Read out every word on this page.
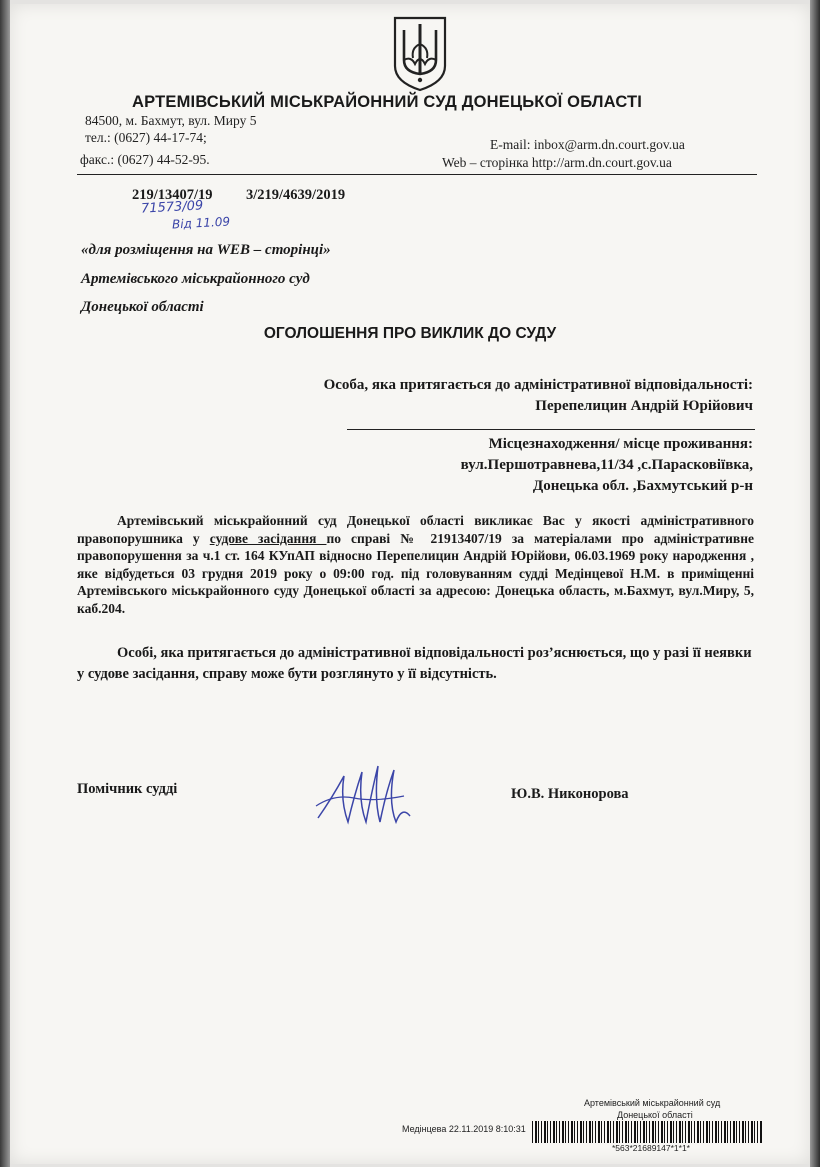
АРТЕМІВСЬКИЙ МІСЬКРАЙОННИЙ СУД ДОНЕЦЬКОЇ ОБЛАСТІ
84500, м. Бахмут, вул. Миру 5
тел.: (0627) 44-17-74;	E-mail: inbox@arm.dn.court.gov.ua
факс.: (0627) 44-52-95.	Web – сторінка http://arm.dn.court.gov.ua
219/13407/19 3/219/4639/2019
71573/09
Від 11.09
«для розміщення на WEB – сторінці»
Артемівського міськрайонного суд
Донецької області
ОГОЛОШЕННЯ ПРО ВИКЛИК ДО СУДУ
Особа, яка притягається до адміністративної відповідальності:
Перепелицин Андрій Юрійович
Місцезнаходження/ місце проживання:
вул.Першотравнева,11/34 ,с.Парасковіївка,
Донецька обл. ,Бахмутський р-н
Артемівський міськрайонний суд Донецької області викликає Вас у якості адміністративного правопорушника у судове засідання по справі № 21913407/19 за матеріалами про адміністративне правопорушення за ч.1 ст. 164 КУпАП відносно Перепелицин Андрій Юрійови, 06.03.1969 року народження , яке відбудеться 03 грудня 2019 року о 09:00 год. під головуванням судді Медінцевої Н.М. в приміщенні Артемівського міськрайонного суду Донецької області за адресою: Донецька область, м.Бахмут, вул.Миру, 5, каб.204.
Особі, яка притягається до адміністративної відповідальності роз’яснюється, що у разі її неявки у судове засідання, справу може бути розглянуто у її відсутність.
Помічник судді	Ю.В. Никонорова
Артемівський міськрайонний суд
Донецької області
Медінцева 22.11.2019 8:10:31
*563*21689147*1*1*
